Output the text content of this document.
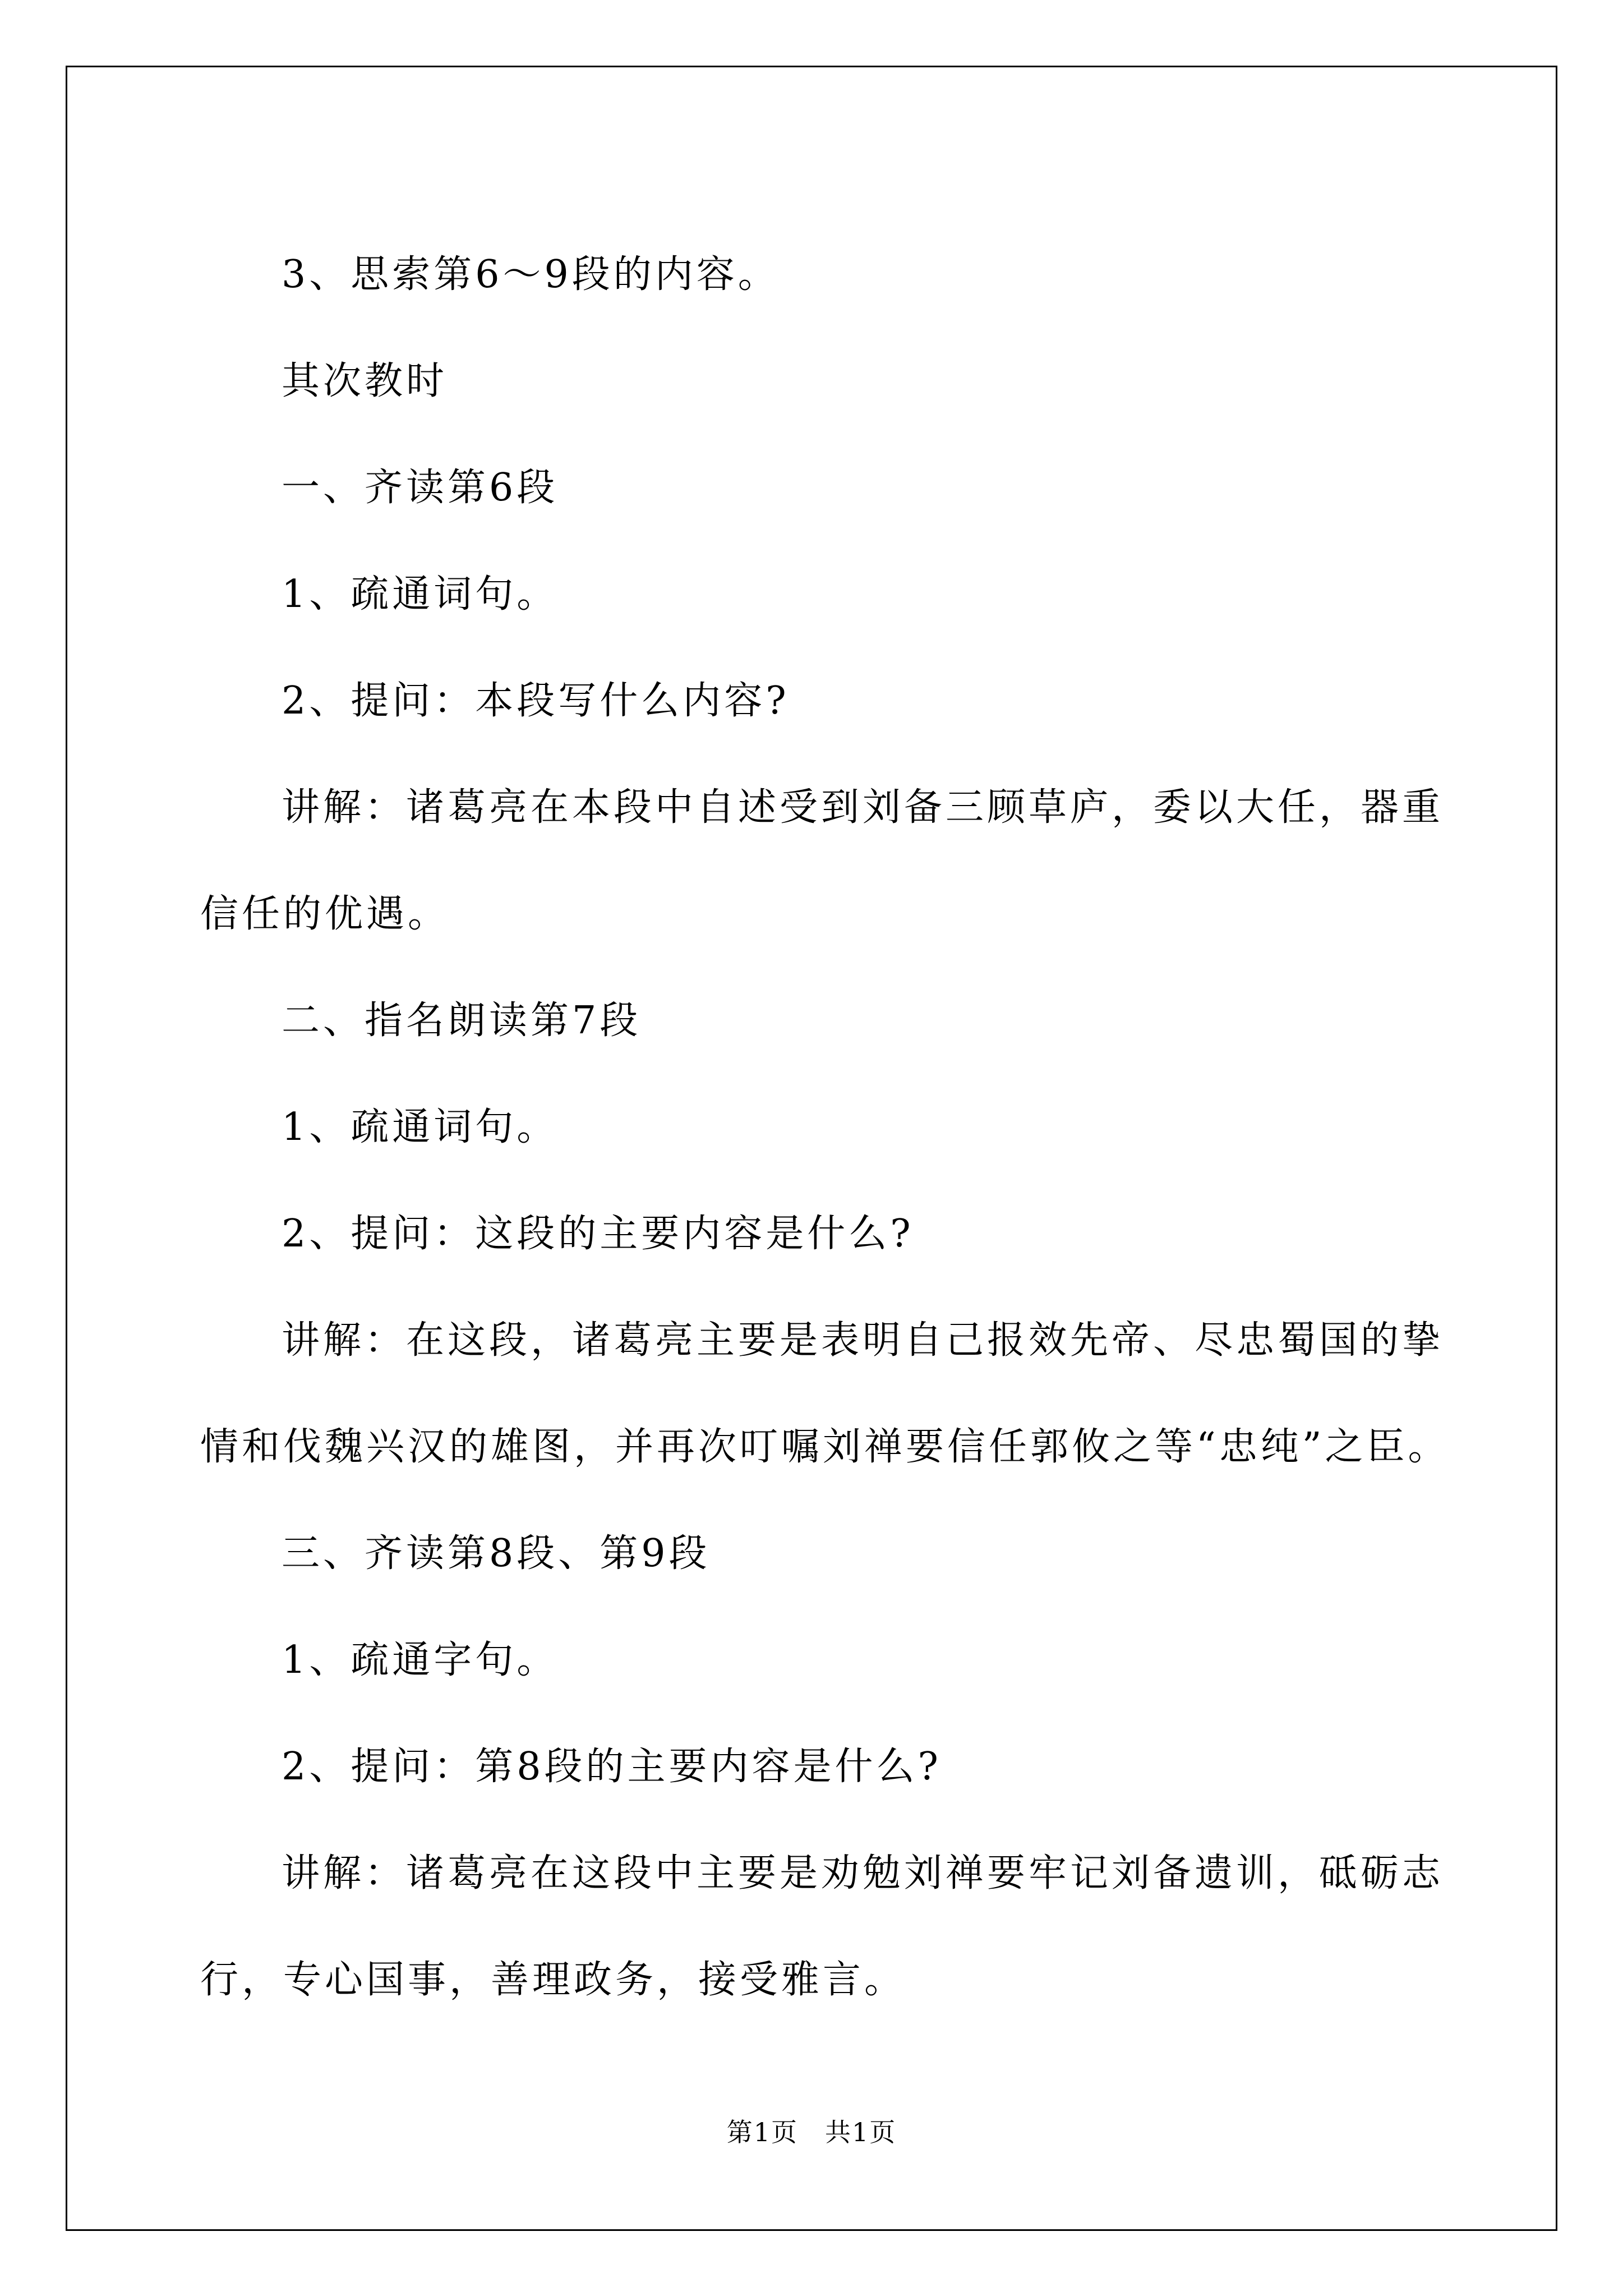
3、思索第6～9段的内容。

其次教时

一、齐读第6段

1、疏通词句。

2、提问：本段写什么内容?

讲解：诸葛亮在本段中自述受到刘备三顾草庐，委以大任，器重

信任的优遇。

二、指名朗读第7段

1、疏通词句。

2、提问：这段的主要内容是什么?

讲解：在这段，诸葛亮主要是表明自己报效先帝、尽忠蜀国的挚

情和伐魏兴汉的雄图，并再次叮嘱刘禅要信任郭攸之等“忠纯”之臣。

三、齐读第8段、第9段

1、疏通字句。

2、提问：第8段的主要内容是什么?

讲解：诸葛亮在这段中主要是劝勉刘禅要牢记刘备遗训，砥砺志

行，专心国事，善理政务，接受雅言。

第1页　共1页
